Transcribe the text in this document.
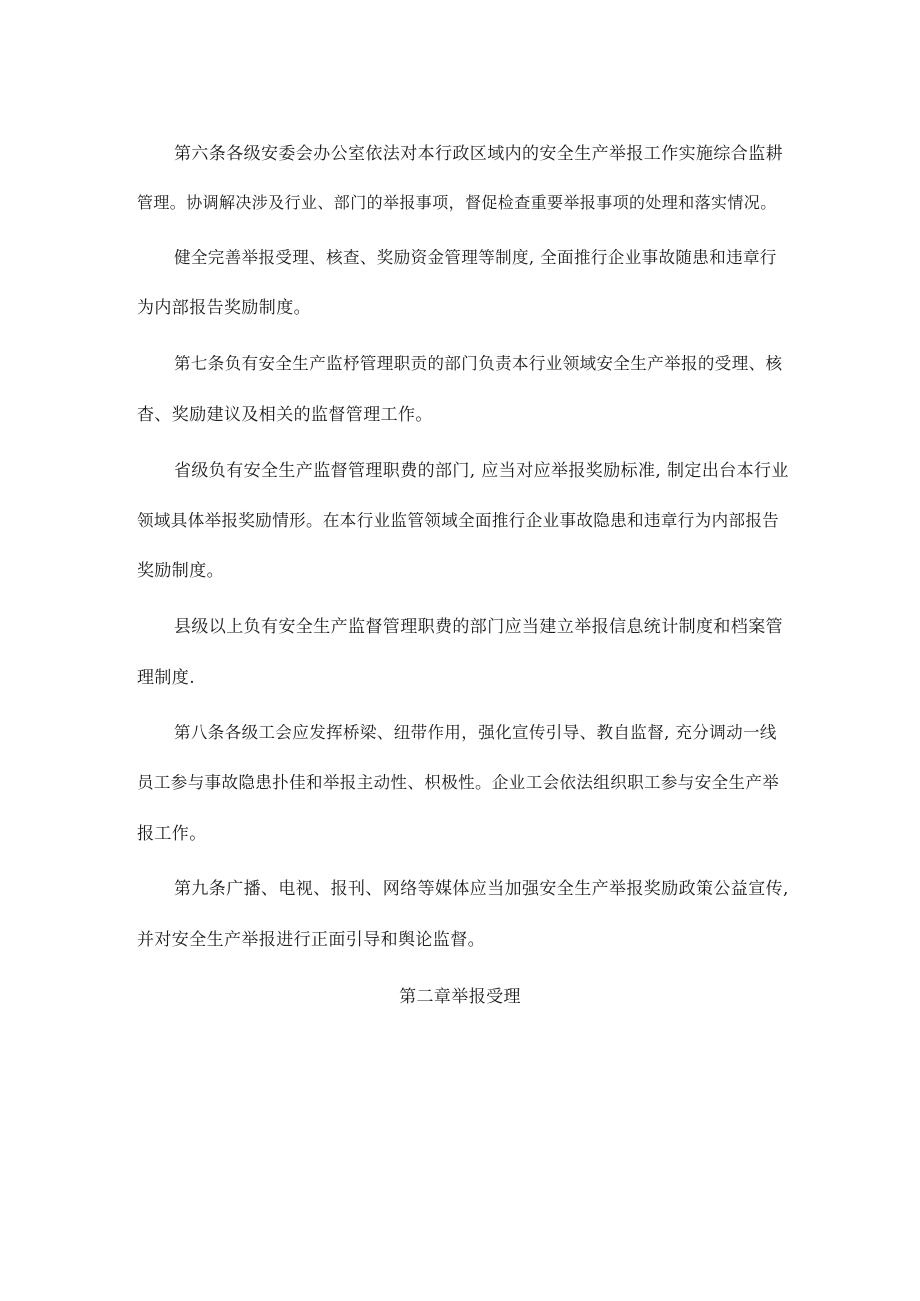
第六条各级安委会办公室依法对本行政区域内的安全生产举报工作实施综合监耕
管理。协调解决涉及行业、部门的举报事项，督促检查重要举报事项的处理和落实情况。
健全完善举报受理、核查、奖励资金管理等制度, 全面推行企业事故随患和违章行
为内部报告奖励制度。
第七条负有安全生产监杼管理职贡的部门负责本行业领域安全生产举报的受理、核
杳、奖励建议及相关的监督管理工作。
省级负有安全生产监督管理职费的部门, 应当对应举报奖励标准, 制定出台本行业
领域具体举报奖励情形。在本行业监管领域全面推行企业事故隐患和违章行为内部报告
奖励制度。
县级以上负有安全生产监督管理职费的部门应当建立举报信息统计制度和档案管
理制度.
第八条各级工会应发挥桥梁、纽带作用，强化宣传引导、教自监督, 充分调动一线
员工参与事故隐患扑佳和举报主动性、枳极性。企业工会依法组织职工参与安全生产举
报工作。
第九条广播、电视、报刊、网络等媒体应当加强安全生产举报奖励政策公益宣传,
并对安全生产举报进行正面引导和舆论监督。
第二章举报受理
